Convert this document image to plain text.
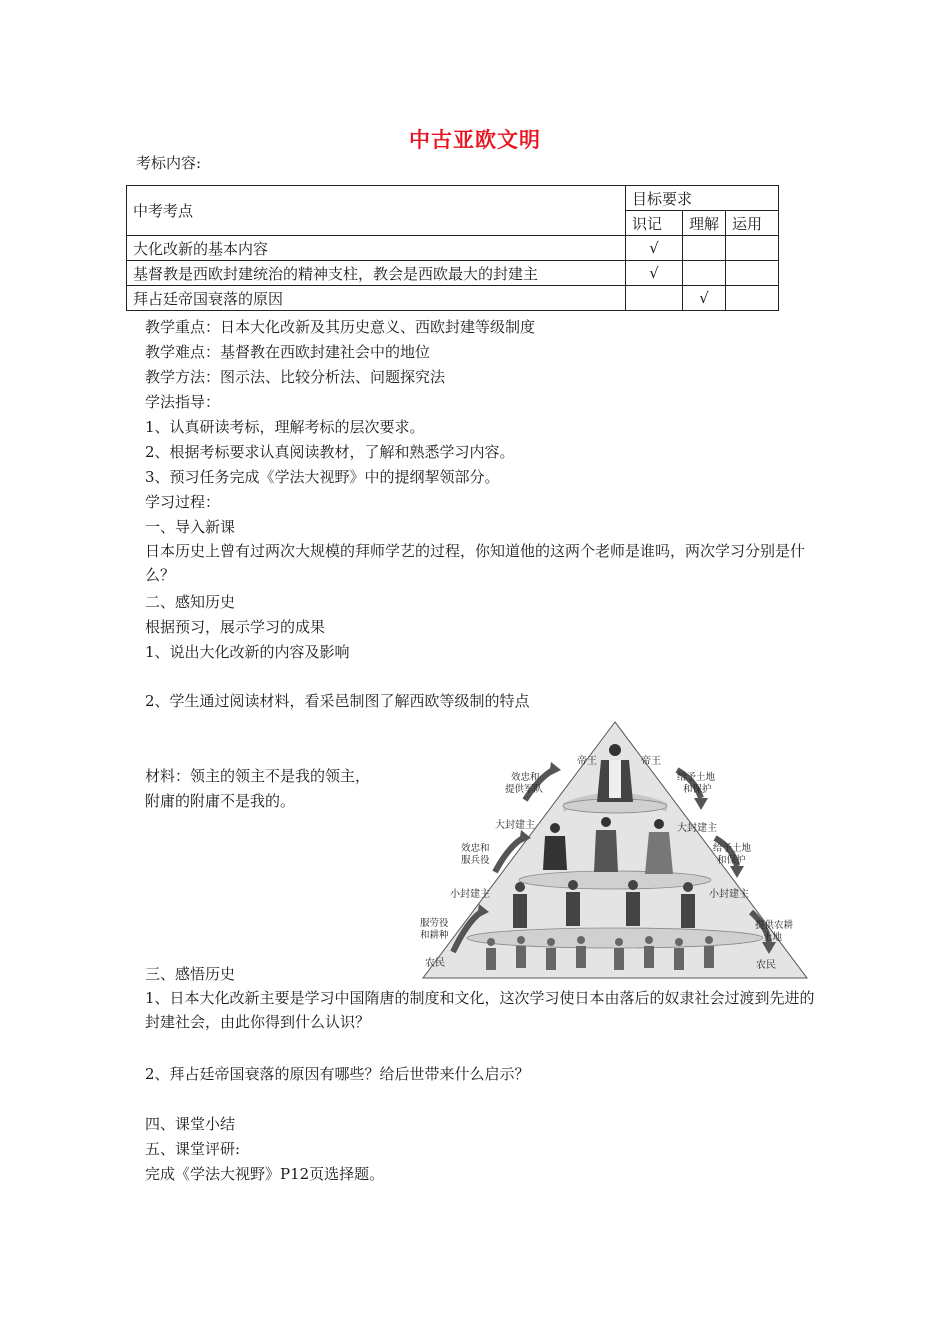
中古亚欧文明
考标内容:
中考考点	目标要求		
	识记	理解	运用
大化改新的基本内容	√		
基督教是西欧封建统治的精神支柱，教会是西欧最大的封建主	√		
拜占廷帝国衰落的原因		√	
教学重点：日本大化改新及其历史意义、西欧封建等级制度
教学难点：基督教在西欧封建社会中的地位
教学方法：图示法、比较分析法、问题探究法
学法指导：
1、认真研读考标，理解考标的层次要求。
2、根据考标要求认真阅读教材，了解和熟悉学习内容。
3、预习任务完成《学法大视野》中的提纲挈领部分。
学习过程：
一、导入新课
日本历史上曾有过两次大规模的拜师学艺的过程，你知道他的这两个老师是谁吗，两次学习分别是什么？
二、感知历史
根据预习，展示学习的成果
1、说出大化改新的内容及影响
2、学生通过阅读材料，看采邑制图了解西欧等级制的特点
材料：领主的领主不是我的领主，
附庸的附庸不是我的。
帝王	帝王
大封建主	大封建主
小封建主	小封建主
农民	农民
效忠和
提供军队
效忠和
服兵役
服劳役
和耕种
给予土地
和保护
给予土地
和保护
提供农耕
土地
三、感悟历史
1、日本大化改新主要是学习中国隋唐的制度和文化，这次学习使日本由落后的奴隶社会过渡到先进的封建社会，由此你得到什么认识？
2、拜占廷帝国衰落的原因有哪些？给后世带来什么启示？
四、课堂小结
五、课堂评研:
完成《学法大视野》P12页选择题。
